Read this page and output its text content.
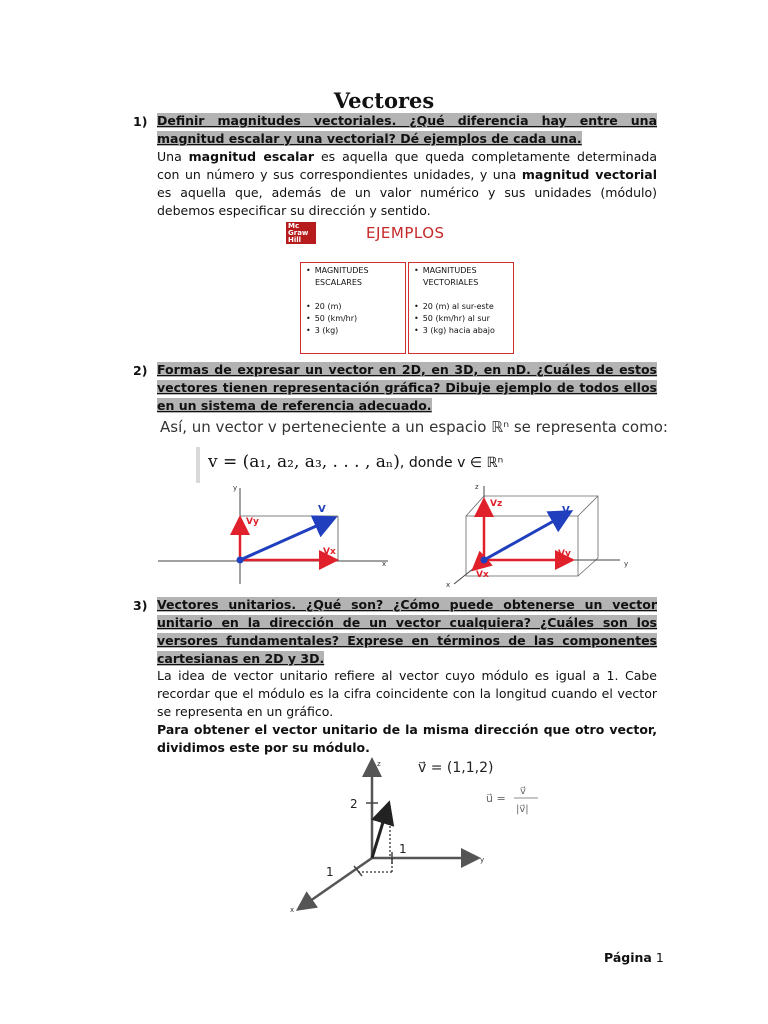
Vectores
1) Definir magnitudes vectoriales. ¿Qué diferencia hay entre una magnitud escalar y una vectorial? Dé ejemplos de cada una.
Una magnitud escalar es aquella que queda completamente determinada con un número y sus correspondientes unidades, y una magnitud vectorial es aquella que, además de un valor numérico y sus unidades (módulo) debemos especificar su dirección y sentido.
Mc Graw Hill	EJEMPLOS
• MAGNITUDES
ESCALARES

• 20 (m)
• 50 (km/hr)
• 3 (kg)
• MAGNITUDES
VECTORIALES

• 20 (m) al sur-este
• 50 (km/hr) al sur
• 3 (kg) hacia abajo
2) Formas de expresar un vector en 2D, en 3D, en nD. ¿Cuáles de estos vectores tienen representación gráfica? Dibuje ejemplo de todos ellos en un sistema de referencia adecuado.
Así, un vector v perteneciente a un espacio ℝⁿ se representa como:
v = (a₁, a₂, a₃, . . . , aₙ), donde v ∈ ℝⁿ
y
x
Vy
Vx
V
z
y
x
Vz
Vy
Vx
V
3) Vectores unitarios. ¿Qué son? ¿Cómo puede obtenerse un vector unitario en la dirección de un vector cualquiera? ¿Cuáles son los versores fundamentales? Exprese en términos de las componentes cartesianas en 2D y 3D.
La idea de vector unitario refiere al vector cuyo módulo es igual a 1. Cabe recordar que el módulo es la cifra coincidente con la longitud cuando el vector se representa en un gráfico.
Para obtener el vector unitario de la misma dirección que otro vector, dividimos este por su módulo.
z
y
x
2
1
1
v⃗ = (1,1,2)
u⃗ =
v⃗
|v⃗|
Página 1
